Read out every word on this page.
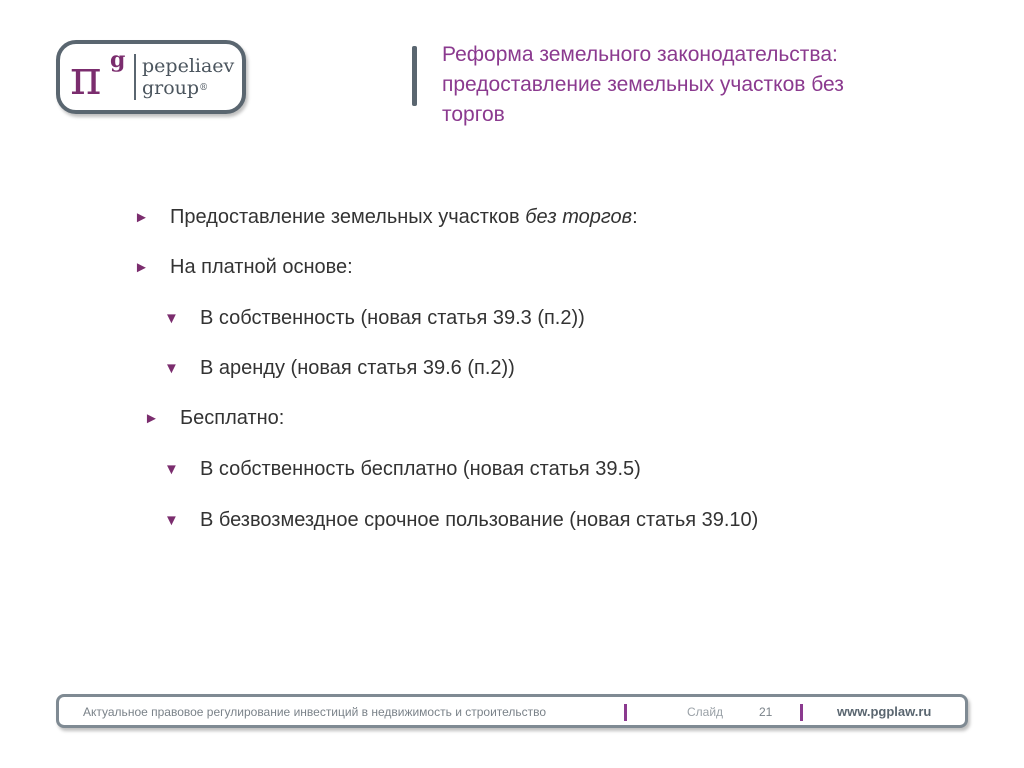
π g pepeliaev
group®
Реформа земельного законодательства:
предоставление земельных участков без
торгов
► Предоставление земельных участков без торгов:
► На платной основе:
▼ В собственность (новая статья 39.3 (п.2))
▼ В аренду (новая статья 39.6 (п.2))
► Бесплатно:
▼ В собственность бесплатно (новая статья 39.5)
▼ В безвозмездное срочное пользование (новая статья 39.10)
Актуальное правовое регулирование инвестиций в недвижимость и строительство	Слайд	21	www.pgplaw.ru
